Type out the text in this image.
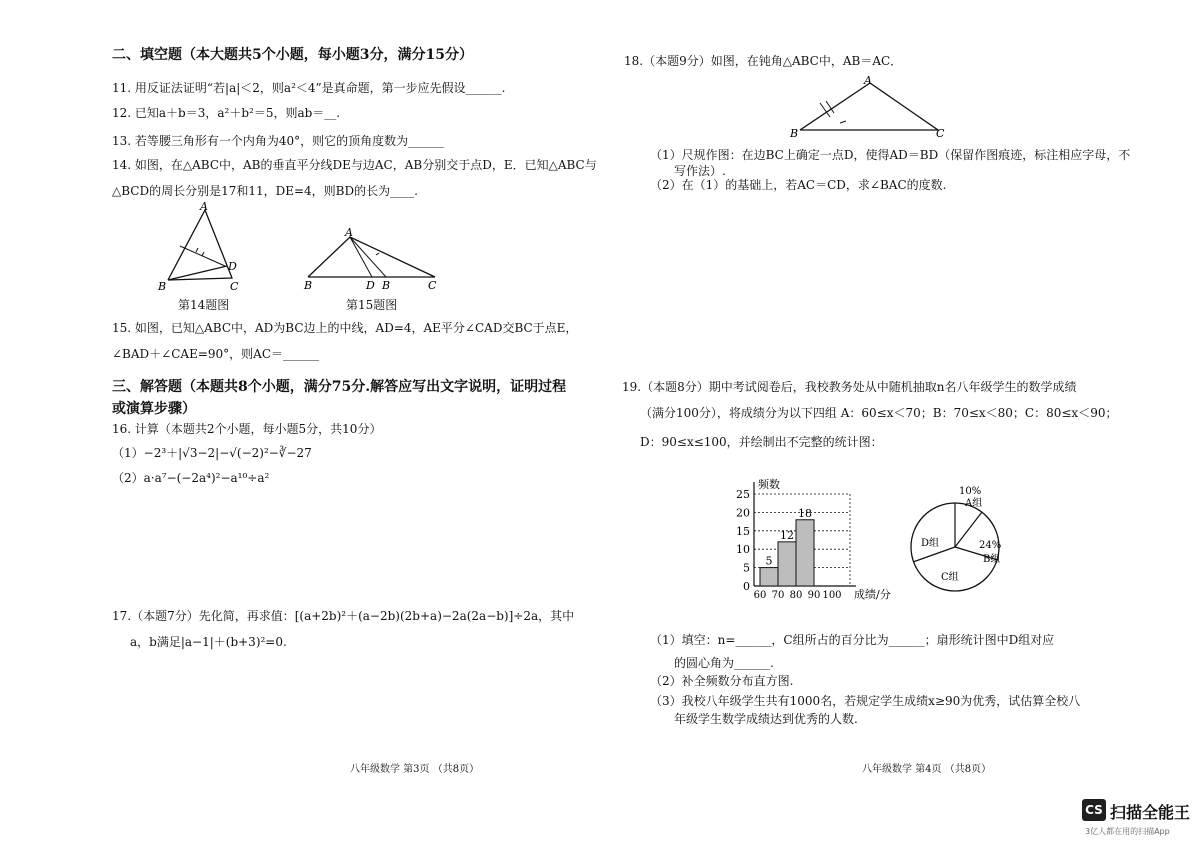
二、填空题（本大题共5个小题，每小题3分，满分15分）
11. 用反证法证明“若|a|＜2，则a²＜4”是真命题，第一步应先假设______.
12. 已知a＋b＝3，a²＋b²＝5，则ab＝__.
13. 若等腰三角形有一个内角为40°，则它的顶角度数为______
14. 如图，在△ABC中，AB的垂直平分线DE与边AC，AB分别交于点D，E．已知△ABC与
△BCD的周长分别是17和11，DE=4，则BD的长为____.
A
B	C
D
第14题图
A
B	D B	C
第15题图
15. 如图，已知△ABC中，AD为BC边上的中线，AD=4，AE平分∠CAD交BC于点E，
∠BAD＋∠CAE=90°，则AC＝______
三、解答题（本题共8个小题，满分75分.解答应写出文字说明，证明过程
或演算步骤）
16. 计算（本题共2个小题，每小题5分，共10分）
（1）−2³＋|√3−2|−√(−2)²−∛−27
（2）a·a⁷−(−2a⁴)²−a¹⁰÷a²
17.（本题7分）先化简，再求值：[(a+2b)²＋(a−2b)(2b+a)−2a(2a−b)]÷2a，其中
a，b满足|a−1|＋(b+3)²=0.
八年级数学 第3页 （共8页）
18.（本题9分）如图，在钝角△ABC中，AB＝AC．
A
B	C
（1）尺规作图：在边BC上确定一点D，使得AD＝BD（保留作图痕迹，标注相应字母，不
写作法）.
（2）在（1）的基础上，若AC＝CD，求∠BAC的度数.
19.（本题8分）期中考试阅卷后，我校教务处从中随机抽取n名八年级学生的数学成绩
（满分100分），将成绩分为以下四组 A：60≤x＜70；B：70≤x＜80；C：80≤x＜90；
D：90≤x≤100，并绘制出不完整的统计图：
0
5
10
15
20
25
5
12
18
60 70 80 90 100
频数
成绩/分
10%
A组
24%
B组
C组
D组
（1）填空：n=______，C组所占的百分比为______；扇形统计图中D组对应
的圆心角为______.
（2）补全频数分布直方图.
（3）我校八年级学生共有1000名，若规定学生成绩x≥90为优秀，试估算全校八
年级学生数学成绩达到优秀的人数.
八年级数学 第4页 （共8页）
CS 扫描全能王
3亿人都在用的扫描App
